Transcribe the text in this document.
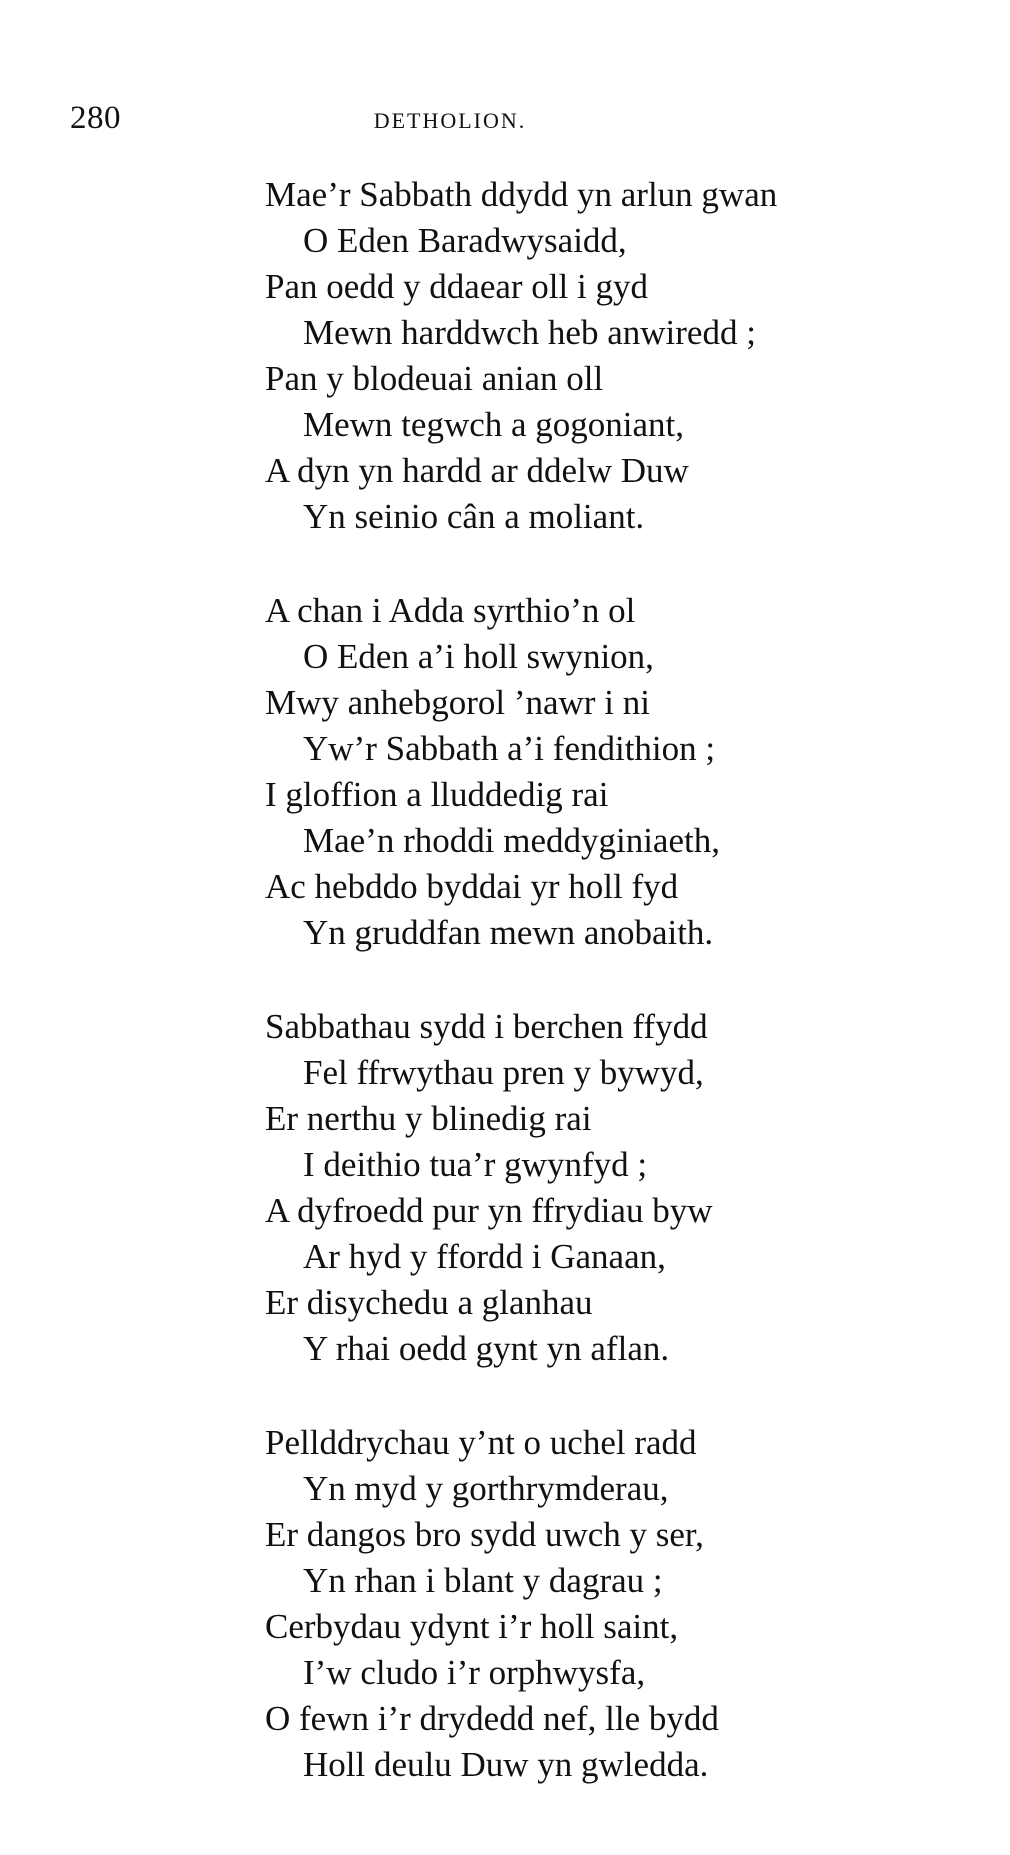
280	DETHOLION.
Mae’r Sabbath ddydd yn arlun gwan
O Eden Baradwysaidd,
Pan oedd y ddaear oll i gyd
Mewn harddwch heb anwiredd ;
Pan y blodeuai anian oll
Mewn tegwch a gogoniant,
A dyn yn hardd ar ddelw Duw
Yn seinio cân a moliant.
A chan i Adda syrthio’n ol
O Eden a’i holl swynion,
Mwy anhebgorol ’nawr i ni
Yw’r Sabbath a’i fendithion ;
I gloffion a lluddedig rai
Mae’n rhoddi meddyginiaeth,
Ac hebddo byddai yr holl fyd
Yn gruddfan mewn anobaith.
Sabbathau sydd i berchen ffydd
Fel ffrwythau pren y bywyd,
Er nerthu y blinedig rai
I deithio tua’r gwynfyd ;
A dyfroedd pur yn ffrydiau byw
Ar hyd y ffordd i Ganaan,
Er disychedu a glanhau
Y rhai oedd gynt yn aflan.
Pellddrychau y’nt o uchel radd
Yn myd y gorthrymderau,
Er dangos bro sydd uwch y ser,
Yn rhan i blant y dagrau ;
Cerbydau ydynt i’r holl saint,
I’w cludo i’r orphwysfa,
O fewn i’r drydedd nef, lle bydd
Holl deulu Duw yn gwledda.
